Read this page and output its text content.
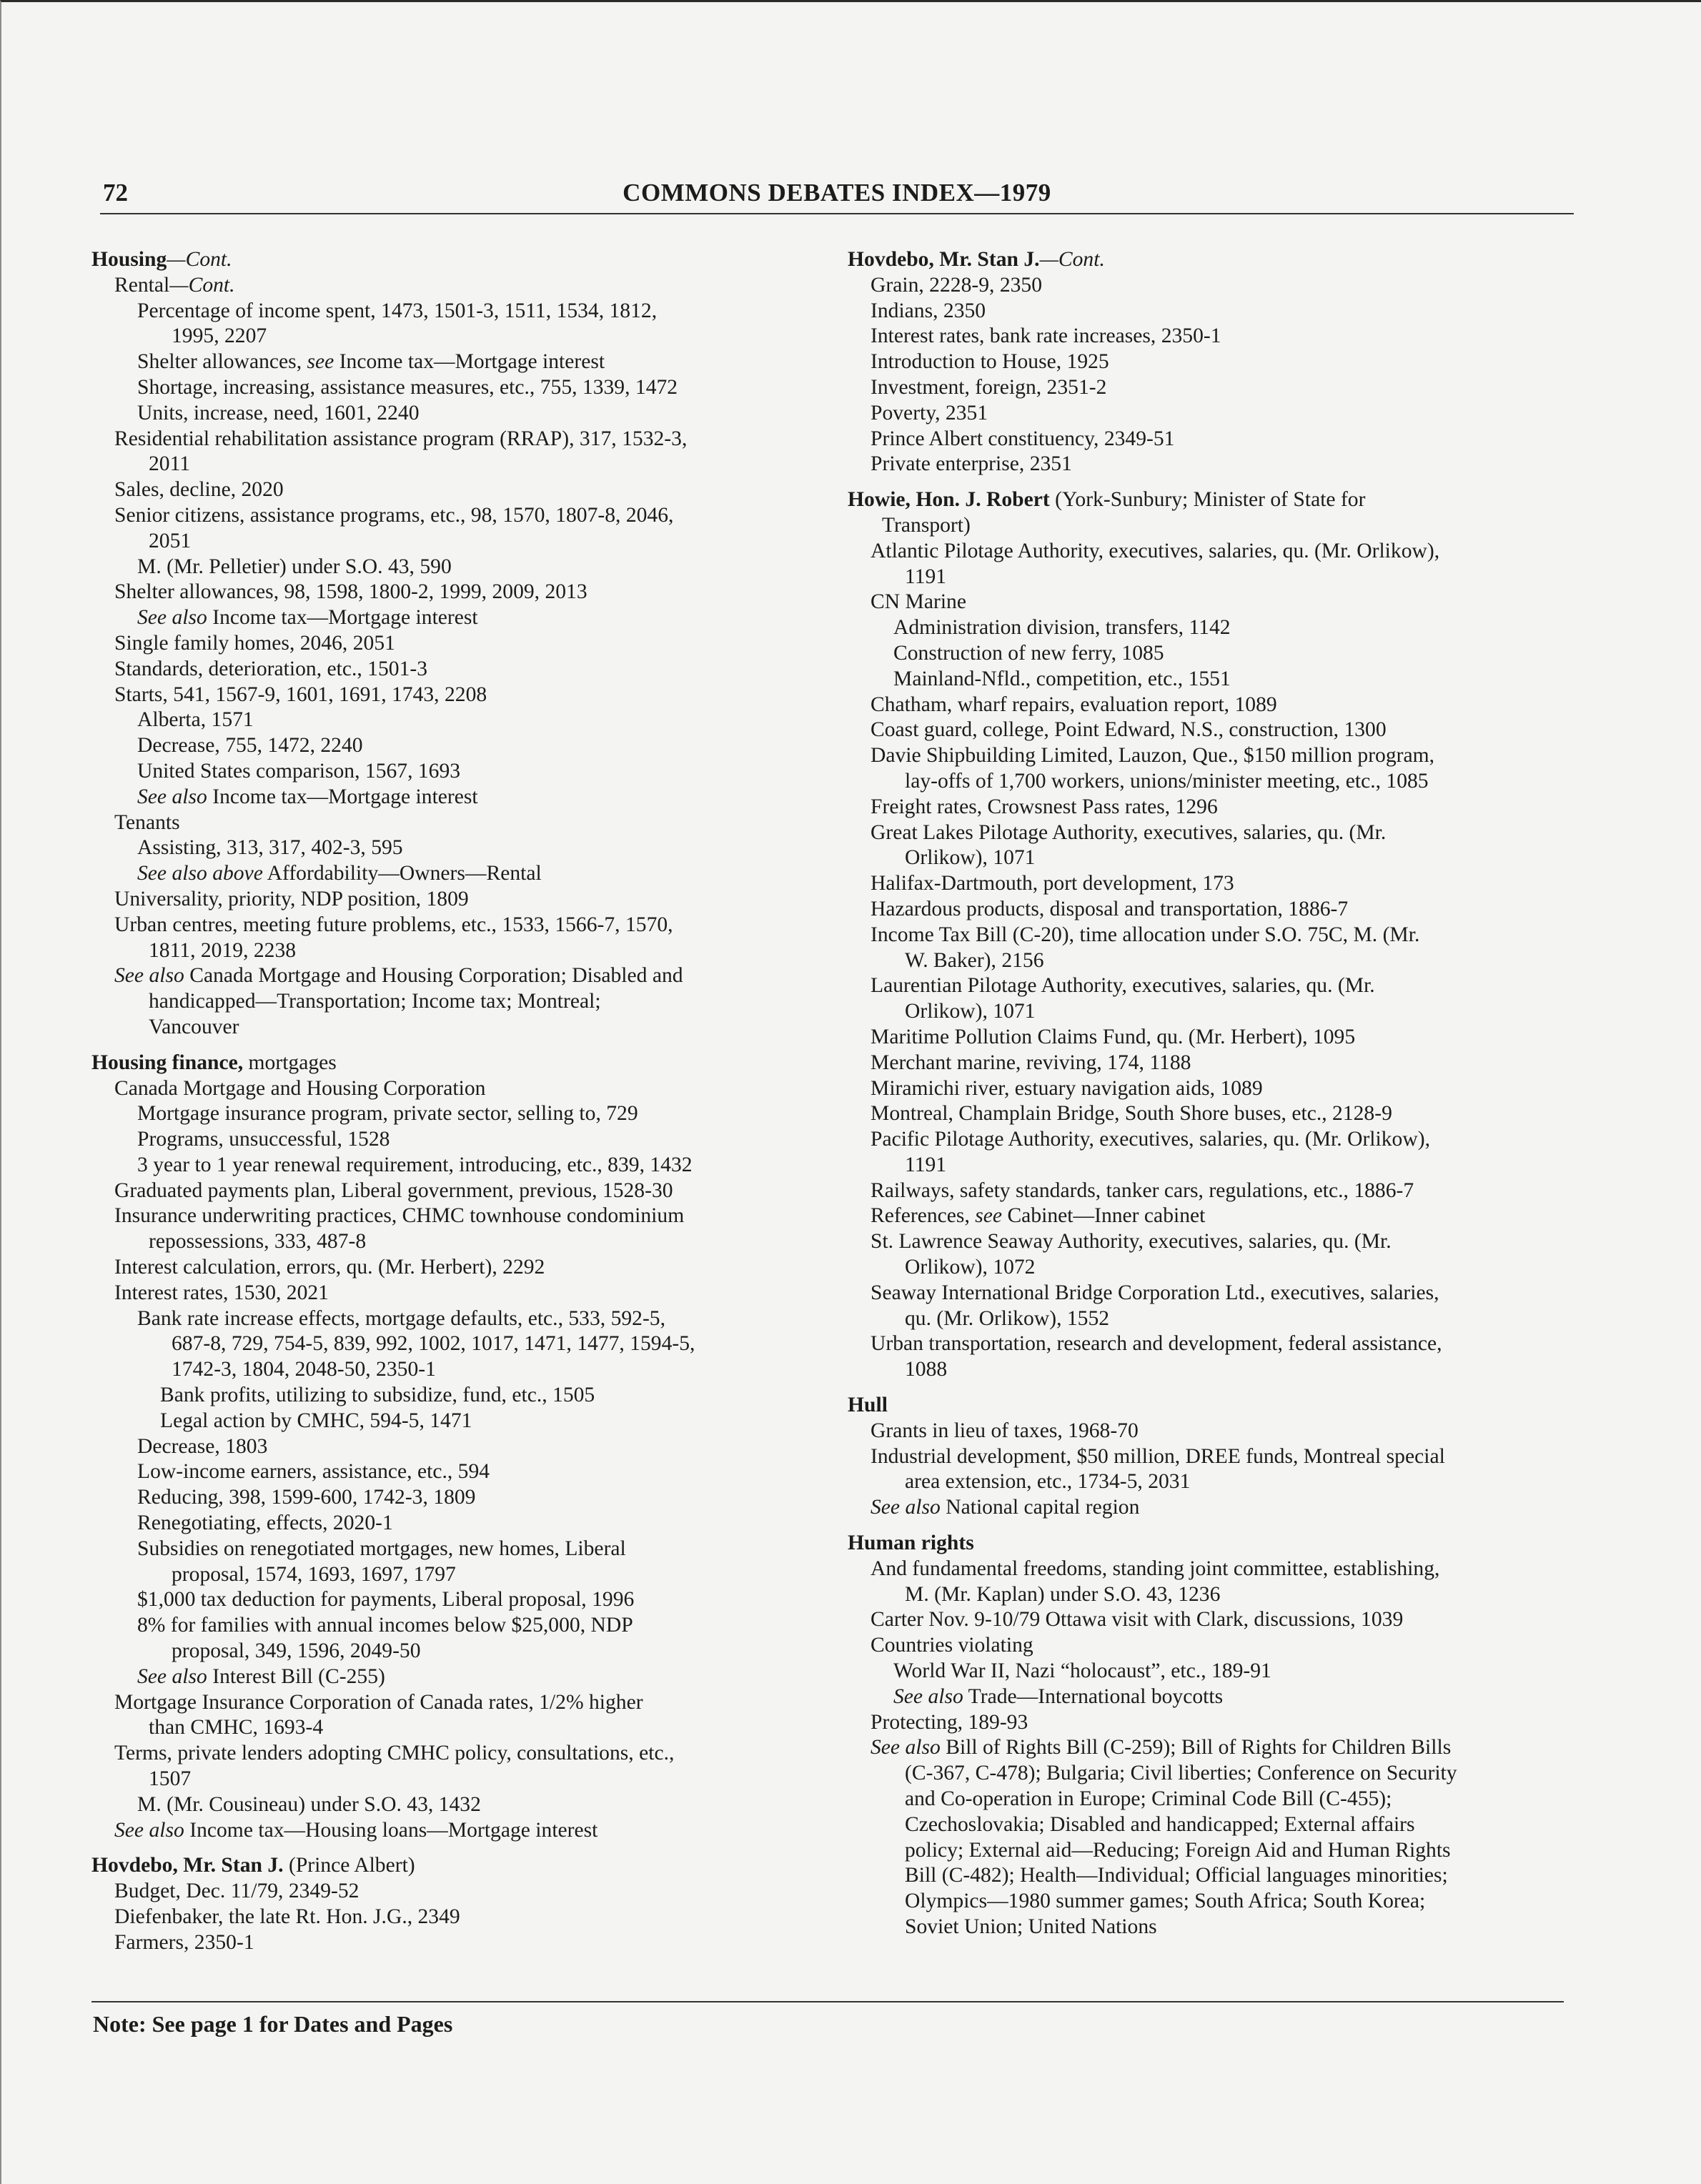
72	COMMONS DEBATES INDEX—1979
Housing—Cont.
Rental—Cont.
Percentage of income spent, 1473, 1501-3, 1511, 1534, 1812,
1995, 2207
Shelter allowances, see Income tax—Mortgage interest
Shortage, increasing, assistance measures, etc., 755, 1339, 1472
Units, increase, need, 1601, 2240
Residential rehabilitation assistance program (RRAP), 317, 1532-3,
2011
Sales, decline, 2020
Senior citizens, assistance programs, etc., 98, 1570, 1807-8, 2046,
2051
M. (Mr. Pelletier) under S.O. 43, 590
Shelter allowances, 98, 1598, 1800-2, 1999, 2009, 2013
See also Income tax—Mortgage interest
Single family homes, 2046, 2051
Standards, deterioration, etc., 1501-3
Starts, 541, 1567-9, 1601, 1691, 1743, 2208
Alberta, 1571
Decrease, 755, 1472, 2240
United States comparison, 1567, 1693
See also Income tax—Mortgage interest
Tenants
Assisting, 313, 317, 402-3, 595
See also above Affordability—Owners—Rental
Universality, priority, NDP position, 1809
Urban centres, meeting future problems, etc., 1533, 1566-7, 1570,
1811, 2019, 2238
See also Canada Mortgage and Housing Corporation; Disabled and
handicapped—Transportation; Income tax; Montreal;
Vancouver
Housing finance, mortgages
Canada Mortgage and Housing Corporation
Mortgage insurance program, private sector, selling to, 729
Programs, unsuccessful, 1528
3 year to 1 year renewal requirement, introducing, etc., 839, 1432
Graduated payments plan, Liberal government, previous, 1528-30
Insurance underwriting practices, CHMC townhouse condominium
repossessions, 333, 487-8
Interest calculation, errors, qu. (Mr. Herbert), 2292
Interest rates, 1530, 2021
Bank rate increase effects, mortgage defaults, etc., 533, 592-5,
687-8, 729, 754-5, 839, 992, 1002, 1017, 1471, 1477, 1594-5,
1742-3, 1804, 2048-50, 2350-1
Bank profits, utilizing to subsidize, fund, etc., 1505
Legal action by CMHC, 594-5, 1471
Decrease, 1803
Low-income earners, assistance, etc., 594
Reducing, 398, 1599-600, 1742-3, 1809
Renegotiating, effects, 2020-1
Subsidies on renegotiated mortgages, new homes, Liberal
proposal, 1574, 1693, 1697, 1797
$1,000 tax deduction for payments, Liberal proposal, 1996
8% for families with annual incomes below $25,000, NDP
proposal, 349, 1596, 2049-50
See also Interest Bill (C-255)
Mortgage Insurance Corporation of Canada rates, 1/2% higher
than CMHC, 1693-4
Terms, private lenders adopting CMHC policy, consultations, etc.,
1507
M. (Mr. Cousineau) under S.O. 43, 1432
See also Income tax—Housing loans—Mortgage interest
Hovdebo, Mr. Stan J. (Prince Albert)
Budget, Dec. 11/79, 2349-52
Diefenbaker, the late Rt. Hon. J.G., 2349
Farmers, 2350-1
Hovdebo, Mr. Stan J.—Cont.
Grain, 2228-9, 2350
Indians, 2350
Interest rates, bank rate increases, 2350-1
Introduction to House, 1925
Investment, foreign, 2351-2
Poverty, 2351
Prince Albert constituency, 2349-51
Private enterprise, 2351
Howie, Hon. J. Robert (York-Sunbury; Minister of State for
Transport)
Atlantic Pilotage Authority, executives, salaries, qu. (Mr. Orlikow),
1191
CN Marine
Administration division, transfers, 1142
Construction of new ferry, 1085
Mainland-Nfld., competition, etc., 1551
Chatham, wharf repairs, evaluation report, 1089
Coast guard, college, Point Edward, N.S., construction, 1300
Davie Shipbuilding Limited, Lauzon, Que., $150 million program,
lay-offs of 1,700 workers, unions/minister meeting, etc., 1085
Freight rates, Crowsnest Pass rates, 1296
Great Lakes Pilotage Authority, executives, salaries, qu. (Mr.
Orlikow), 1071
Halifax-Dartmouth, port development, 173
Hazardous products, disposal and transportation, 1886-7
Income Tax Bill (C-20), time allocation under S.O. 75C, M. (Mr.
W. Baker), 2156
Laurentian Pilotage Authority, executives, salaries, qu. (Mr.
Orlikow), 1071
Maritime Pollution Claims Fund, qu. (Mr. Herbert), 1095
Merchant marine, reviving, 174, 1188
Miramichi river, estuary navigation aids, 1089
Montreal, Champlain Bridge, South Shore buses, etc., 2128-9
Pacific Pilotage Authority, executives, salaries, qu. (Mr. Orlikow),
1191
Railways, safety standards, tanker cars, regulations, etc., 1886-7
References, see Cabinet—Inner cabinet
St. Lawrence Seaway Authority, executives, salaries, qu. (Mr.
Orlikow), 1072
Seaway International Bridge Corporation Ltd., executives, salaries,
qu. (Mr. Orlikow), 1552
Urban transportation, research and development, federal assistance,
1088
Hull
Grants in lieu of taxes, 1968-70
Industrial development, $50 million, DREE funds, Montreal special
area extension, etc., 1734-5, 2031
See also National capital region
Human rights
And fundamental freedoms, standing joint committee, establishing,
M. (Mr. Kaplan) under S.O. 43, 1236
Carter Nov. 9-10/79 Ottawa visit with Clark, discussions, 1039
Countries violating
World War II, Nazi “holocaust”, etc., 189-91
See also Trade—International boycotts
Protecting, 189-93
See also Bill of Rights Bill (C-259); Bill of Rights for Children Bills
(C-367, C-478); Bulgaria; Civil liberties; Conference on Security
and Co-operation in Europe; Criminal Code Bill (C-455);
Czechoslovakia; Disabled and handicapped; External affairs
policy; External aid—Reducing; Foreign Aid and Human Rights
Bill (C-482); Health—Individual; Official languages minorities;
Olympics—1980 summer games; South Africa; South Korea;
Soviet Union; United Nations
Note: See page 1 for Dates and Pages
